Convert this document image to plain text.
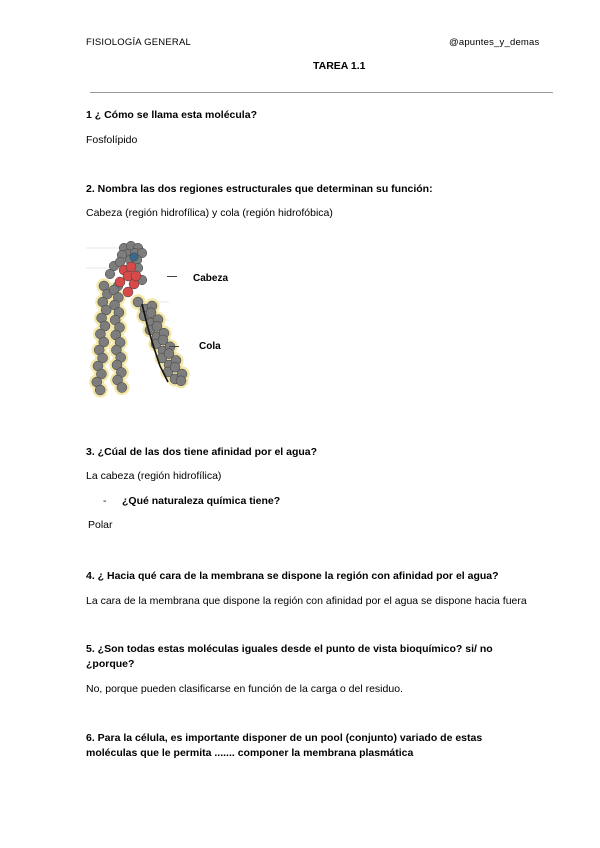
FISIOLOGÍA GENERAL	@apuntes_y_demas
TAREA 1.1
1 ¿ Cómo se llama esta molécula?
Fosfolípido
2. Nombra las dos regiones estructurales que determinan su función:
Cabeza (región hidrofílica) y cola (región hidrofóbica)
Cabeza
Cola
3. ¿Cúal de las dos tiene afinidad por el agua?
La cabeza (región hidrofílica)
- ¿Qué naturaleza química tiene?
Polar
4. ¿ Hacia qué cara de la membrana se dispone la región con afinidad por el agua?
La cara de la membrana que dispone la región con afinidad por el agua se dispone hacia fuera
5. ¿Son todas estas moléculas iguales desde el punto de vista bioquímico? si/ no
¿porque?
No, porque pueden clasificarse en función de la carga o del residuo.
6. Para la célula, es importante disponer de un pool (conjunto) variado de estas
moléculas que le permita ....... componer la membrana plasmática
